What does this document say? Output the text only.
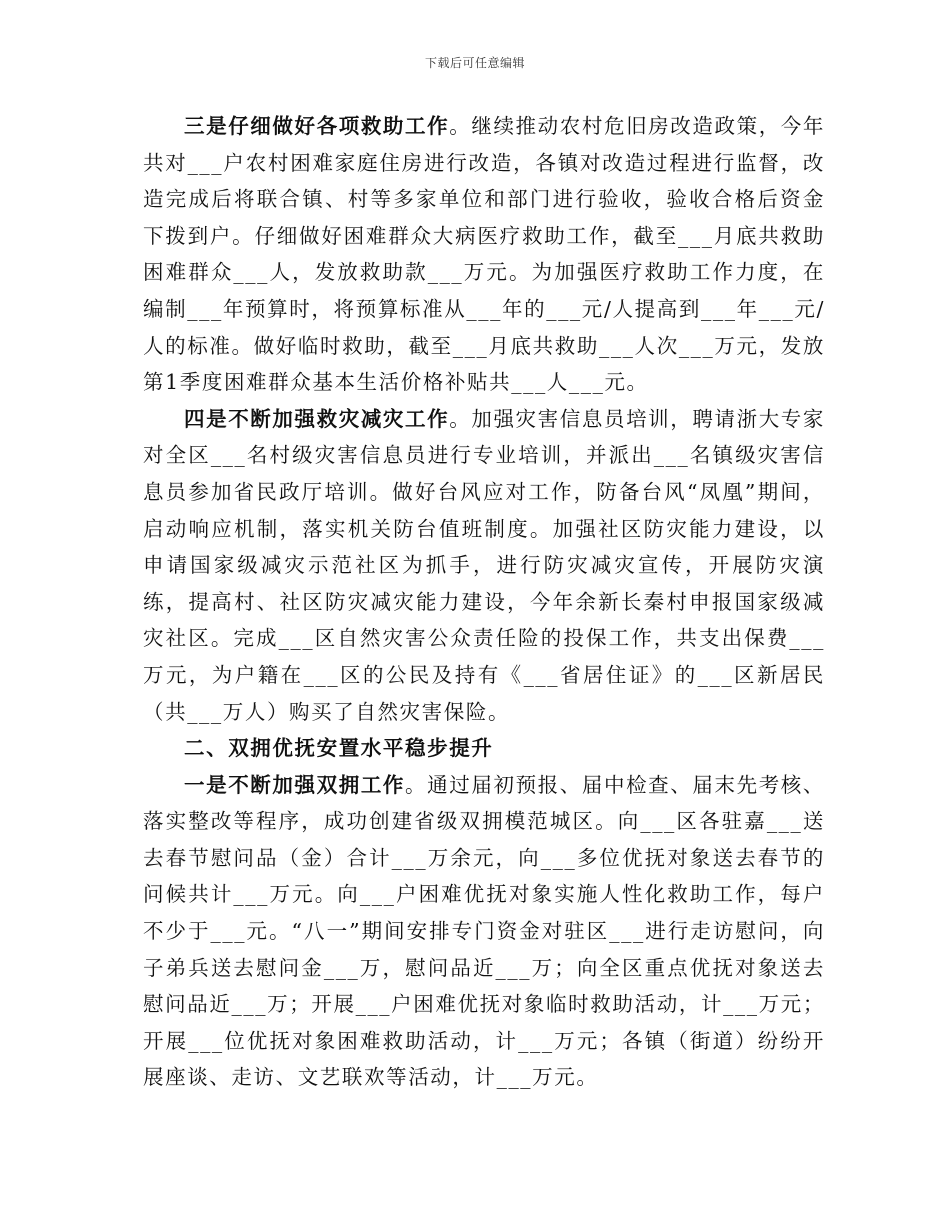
下载后可任意编辑

三是仔细做好各项救助工作。继续推动农村危旧房改造政策，今年共对___户农村困难家庭住房进行改造，各镇对改造过程进行监督，改造完成后将联合镇、村等多家单位和部门进行验收，验收合格后资金下拨到户。仔细做好困难群众大病医疗救助工作，截至___月底共救助困难群众___人，发放救助款___万元。为加强医疗救助工作力度，在编制___年预算时，将预算标准从___年的___元/人提高到___年___元/人的标准。做好临时救助，截至___月底共救助___人次___万元，发放第1季度困难群众基本生活价格补贴共___人___元。

四是不断加强救灾减灾工作。加强灾害信息员培训，聘请浙大专家对全区___名村级灾害信息员进行专业培训，并派出___名镇级灾害信息员参加省民政厅培训。做好台风应对工作，防备台风“凤凰”期间，启动响应机制，落实机关防台值班制度。加强社区防灾能力建设，以申请国家级减灾示范社区为抓手，进行防灾减灾宣传，开展防灾演练，提高村、社区防灾减灾能力建设，今年余新长秦村申报国家级减灾社区。完成___区自然灾害公众责任险的投保工作，共支出保费___万元，为户籍在___区的公民及持有《___省居住证》的___区新居民（共___万人）购买了自然灾害保险。

二、双拥优抚安置水平稳步提升

一是不断加强双拥工作。通过届初预报、届中检查、届末先考核、落实整改等程序，成功创建省级双拥模范城区。向___区各驻嘉___送去春节慰问品（金）合计___万余元，向___多位优抚对象送去春节的问候共计___万元。向___户困难优抚对象实施人性化救助工作，每户不少于___元。“八一”期间安排专门资金对驻区___进行走访慰问，向子弟兵送去慰问金___万，慰问品近___万；向全区重点优抚对象送去慰问品近___万；开展___户困难优抚对象临时救助活动，计___万元；开展___位优抚对象困难救助活动，计___万元；各镇（街道）纷纷开展座谈、走访、文艺联欢等活动，计___万元。
